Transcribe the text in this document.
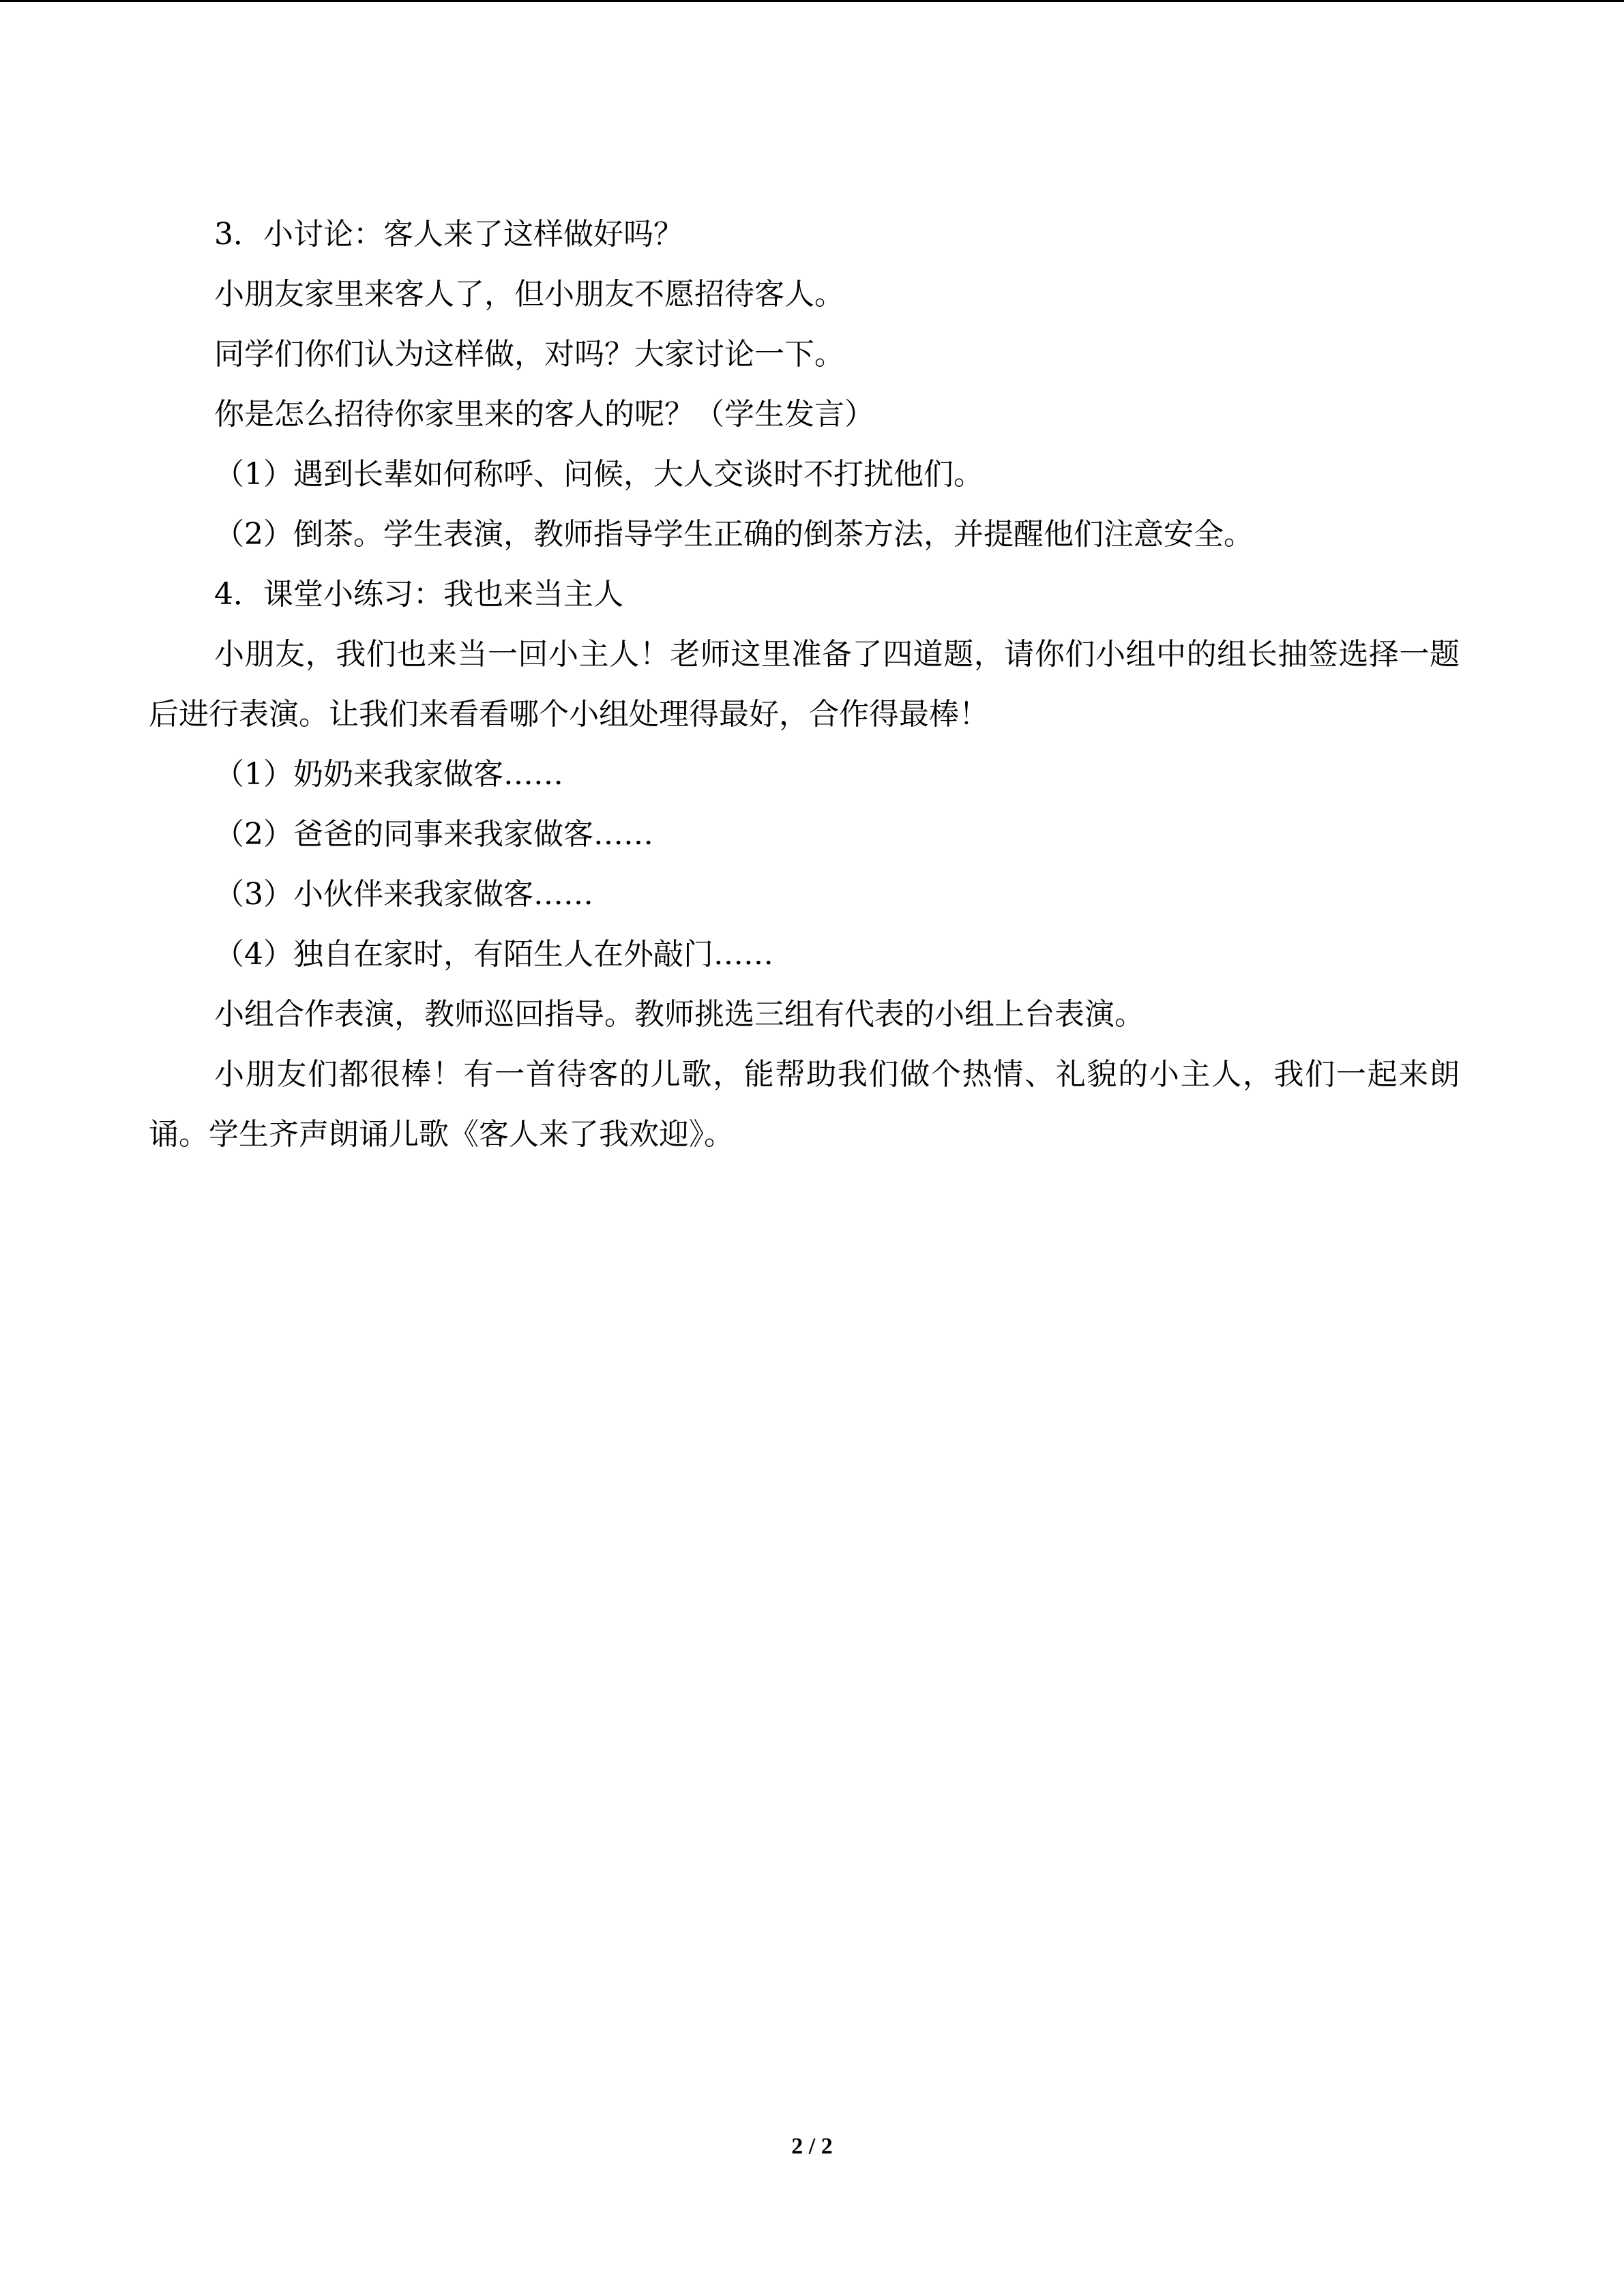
3．小讨论：客人来了这样做好吗？

小朋友家里来客人了，但小朋友不愿招待客人。

同学们你们认为这样做，对吗？大家讨论一下。

你是怎么招待你家里来的客人的呢？（学生发言）

（1）遇到长辈如何称呼、问候，大人交谈时不打扰他们。

（2）倒茶。学生表演，教师指导学生正确的倒茶方法，并提醒他们注意安全。

4．课堂小练习：我也来当主人

小朋友，我们也来当一回小主人！老师这里准备了四道题，请你们小组中的组长抽签选择一题后进行表演。让我们来看看哪个小组处理得最好，合作得最棒！

（1）奶奶来我家做客……

（2）爸爸的同事来我家做客……

（3）小伙伴来我家做客……

（4）独自在家时，有陌生人在外敲门……

小组合作表演，教师巡回指导。教师挑选三组有代表的小组上台表演。

小朋友们都很棒！有一首待客的儿歌，能帮助我们做个热情、礼貌的小主人，我们一起来朗诵。学生齐声朗诵儿歌《客人来了我欢迎》。

2 / 2
